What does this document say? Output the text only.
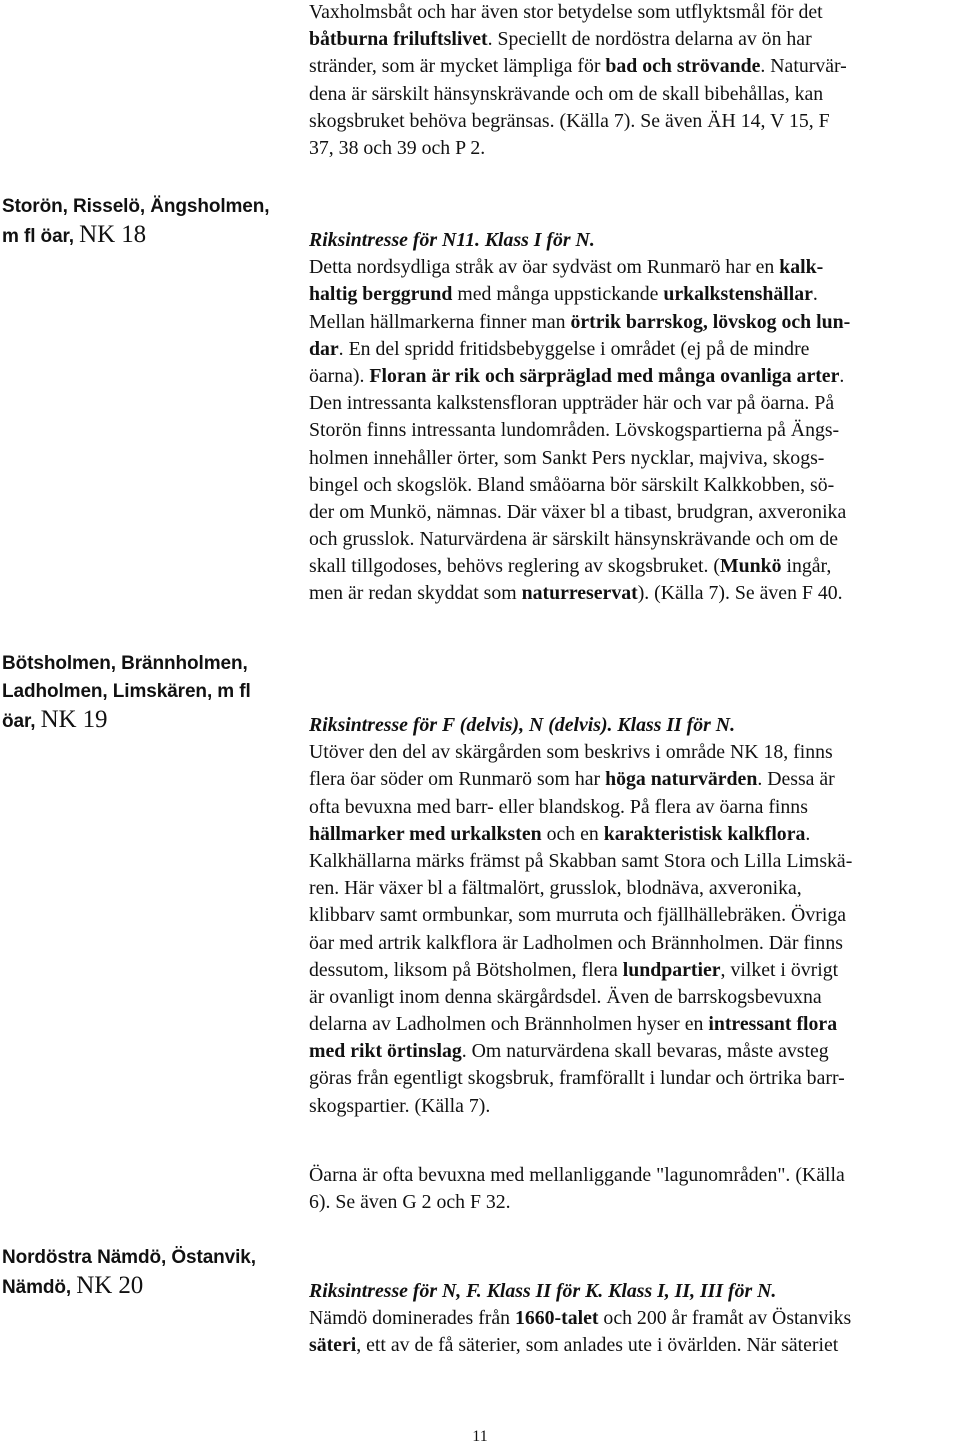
Vaxholmsbåt och har även stor betydelse som utflyktsmål för det
båtburna friluftslivet. Speciellt de nordöstra delarna av ön har
stränder, som är mycket lämpliga för bad och strövande. Naturvär-
dena är särskilt hänsynskrävande och om de skall bibehållas, kan
skogsbruket behöva begränsas. (Källa 7). Se även ÄH 14, V 15, F
37, 38 och 39 och P 2.
Storön, Risselö, Ängsholmen,
m fl öar, NK 18	Riksintresse för N11. Klass I för N.
Detta nordsydliga stråk av öar sydväst om Runmarö har en kalk-
haltig berggrund med många uppstickande urkalkstenshällar.
Mellan hällmarkerna finner man örtrik barrskog, lövskog och lun-
dar. En del spridd fritidsbebyggelse i området (ej på de mindre
öarna). Floran är rik och särpräglad med många ovanliga arter.
Den intressanta kalkstensfloran uppträder här och var på öarna. På
Storön finns intressanta lundområden. Lövskogspartierna på Ängs-
holmen innehåller örter, som Sankt Pers nycklar, majviva, skogs-
bingel och skogslök. Bland småöarna bör särskilt Kalkkobben, sö-
der om Munkö, nämnas. Där växer bl a tibast, brudgran, axveronika
och grusslok. Naturvärdena är särskilt hänsynskrävande och om de
skall tillgodoses, behövs reglering av skogsbruket. (Munkö ingår,
men är redan skyddat som naturreservat). (Källa 7). Se även F 40.
Bötsholmen, Brännholmen,
Ladholmen, Limskären, m fl
öar, NK 19	Riksintresse för F (delvis), N (delvis). Klass II för N.
Utöver den del av skärgården som beskrivs i område NK 18, finns
flera öar söder om Runmarö som har höga naturvärden. Dessa är
ofta bevuxna med barr- eller blandskog. På flera av öarna finns
hällmarker med urkalksten och en karakteristisk kalkflora.
Kalkhällarna märks främst på Skabban samt Stora och Lilla Limskä-
ren. Här växer bl a fältmalört, grusslok, blodnäva, axveronika,
klibbarv samt ormbunkar, som murruta och fjällhällebräken. Övriga
öar med artrik kalkflora är Ladholmen och Brännholmen. Där finns
dessutom, liksom på Bötsholmen, flera lundpartier, vilket i övrigt
är ovanligt inom denna skärgårdsdel. Även de barrskogsbevuxna
delarna av Ladholmen och Brännholmen hyser en intressant flora
med rikt örtinslag. Om naturvärdena skall bevaras, måste avsteg
göras från egentligt skogsbruk, framförallt i lundar och örtrika barr-
skogspartier. (Källa 7).
Öarna är ofta bevuxna med mellanliggande "lagunområden". (Källa
6). Se även G 2 och F 32.
Nordöstra Nämdö, Östanvik,
Nämdö, NK 20	Riksintresse för N, F. Klass II för K. Klass I, II, III för N.
Nämdö dominerades från 1660-talet och 200 år framåt av Östanviks
säteri, ett av de få säterier, som anlades ute i övärlden. När säteriet
11
